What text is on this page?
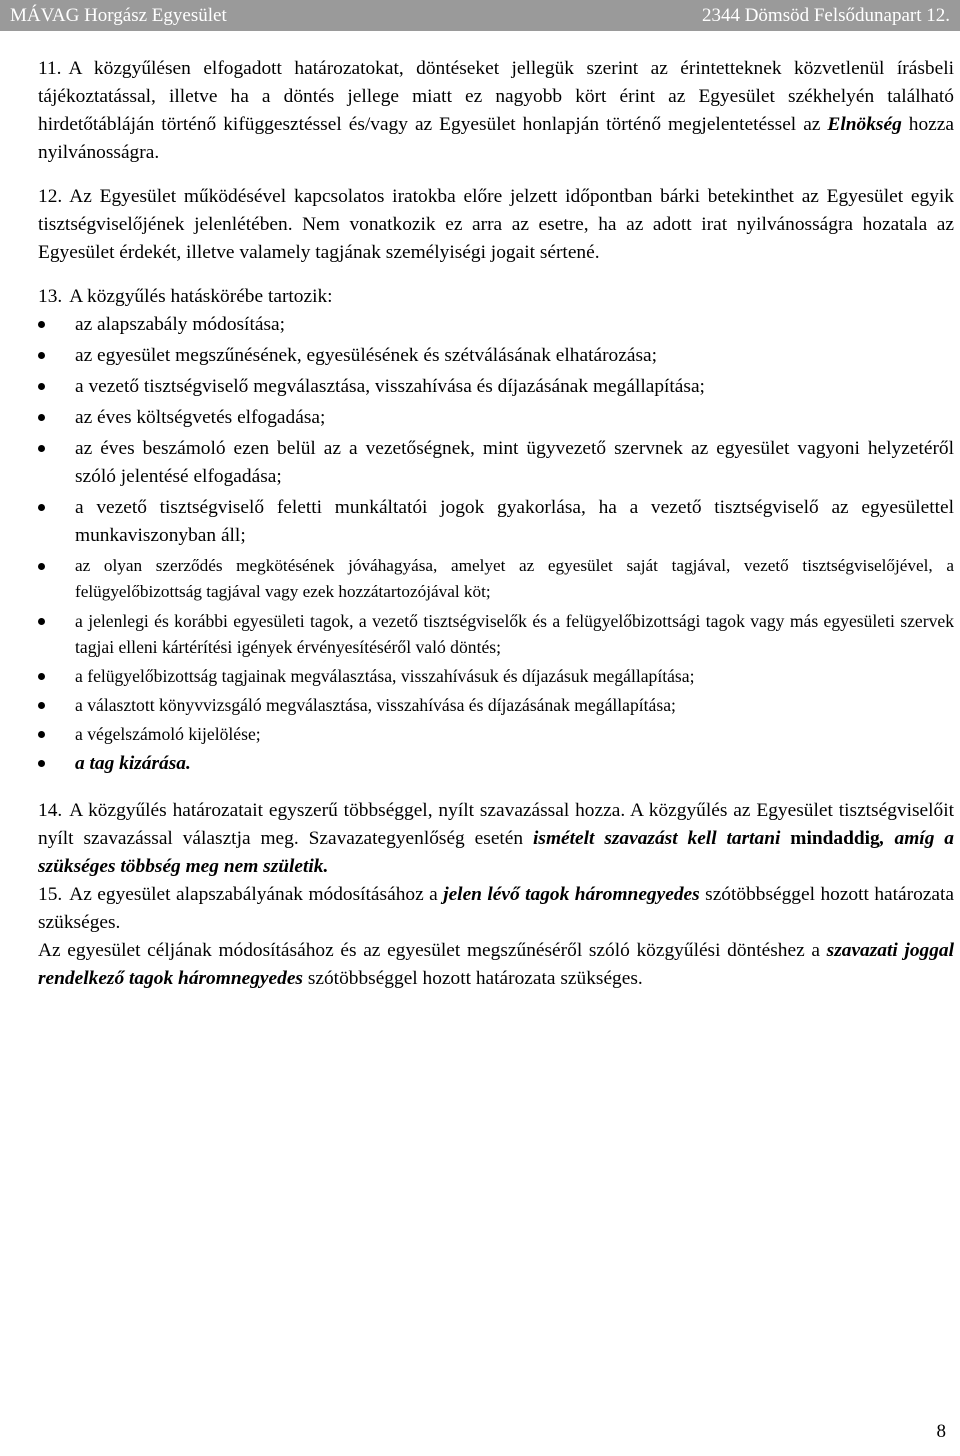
MÁVAG Horgász Egyesület	2344 Dömsöd Felsődunapart 12.

11. A közgyűlésen elfogadott határozatokat, döntéseket jellegük szerint az érintetteknek közvetlenül írásbeli tájékoztatással, illetve ha a döntés jellege miatt ez nagyobb kört érint az Egyesület székhelyén található hirdetőtábláján történő kifüggesztéssel és/vagy az Egyesület honlapján történő megjelentetéssel az Elnökség hozza nyilvánosságra.

12. Az Egyesület működésével kapcsolatos iratokba előre jelzett időpontban bárki betekinthet az Egyesület egyik tisztségviselőjének jelenlétében. Nem vonatkozik ez arra az esetre, ha az adott irat nyilvánosságra hozatala az Egyesület érdekét, illetve valamely tagjának személyiségi jogait sértené.

13. A közgyűlés hatáskörébe tartozik:

az alapszabály módosítása;
az egyesület megszűnésének, egyesülésének és szétválásának elhatározása;
a vezető tisztségviselő megválasztása, visszahívása és díjazásának megállapítása;
az éves költségvetés elfogadása;
az éves beszámoló ezen belül az a vezetőségnek, mint ügyvezető szervnek az egyesület vagyoni helyzetéről szóló jelentésé elfogadása;
a vezető tisztségviselő feletti munkáltatói jogok gyakorlása, ha a vezető tisztségviselő az egyesülettel munkaviszonyban áll;
az olyan szerződés megkötésének jóváhagyása, amelyet az egyesület saját tagjával, vezető tisztségviselőjével, a felügyelőbizottság tagjával vagy ezek hozzátartozójával köt;
a jelenlegi és korábbi egyesületi tagok, a vezető tisztségviselők és a felügyelőbizottsági tagok vagy más egyesületi szervek tagjai elleni kártérítési igények érvényesítéséről való döntés;
a felügyelőbizottság tagjainak megválasztása, visszahívásuk és díjazásuk megállapítása;
a választott könyvvizsgáló megválasztása, visszahívása és díjazásának megállapítása;
a végelszámoló kijelölése;
a tag kizárása.

14. A közgyűlés határozatait egyszerű többséggel, nyílt szavazással hozza. A közgyűlés az Egyesület tisztségviselőit nyílt szavazással választja meg. Szavazategyenlőség esetén ismételt szavazást kell tartani mindaddig, amíg a szükséges többség meg nem születik.

15. Az egyesület alapszabályának módosításához a jelen lévő tagok háromnegyedes szótöbbséggel hozott határozata szükséges.

Az egyesület céljának módosításához és az egyesület megszűnéséről szóló közgyűlési döntéshez a szavazati joggal rendelkező tagok háromnegyedes szótöbbséggel hozott határozata szükséges.

8
